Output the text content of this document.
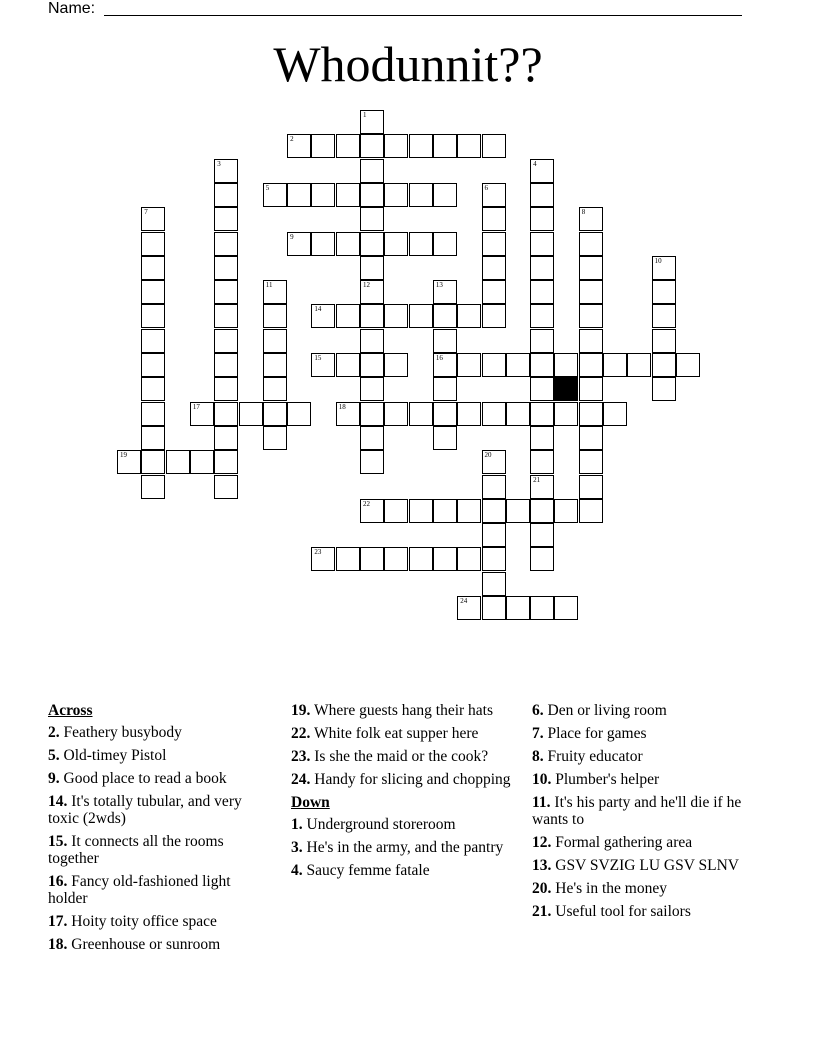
Name:
Whodunnit??
1
12
2
3	4
21
5	6
7	8
9
10
11	13
16
14
15
17	18
19	20
22
23
24
Across
2. Feathery busybody
5. Old-timey Pistol
9. Good place to read a book
14. It's totally tubular, and very toxic (2wds)
15. It connects all the rooms together
16. Fancy old-fashioned light holder
17. Hoity toity office space
18. Greenhouse or sunroom
19. Where guests hang their hats
22. White folk eat supper here
23. Is she the maid or the cook?
24. Handy for slicing and chopping
Down
1. Underground storeroom
3. He's in the army, and the pantry
4. Saucy femme fatale
6. Den or living room
7. Place for games
8. Fruity educator
10. Plumber's helper
11. It's his party and he'll die if he wants to
12. Formal gathering area
13. GSV SVZIG LU GSV SLNV
20. He's in the money
21. Useful tool for sailors
